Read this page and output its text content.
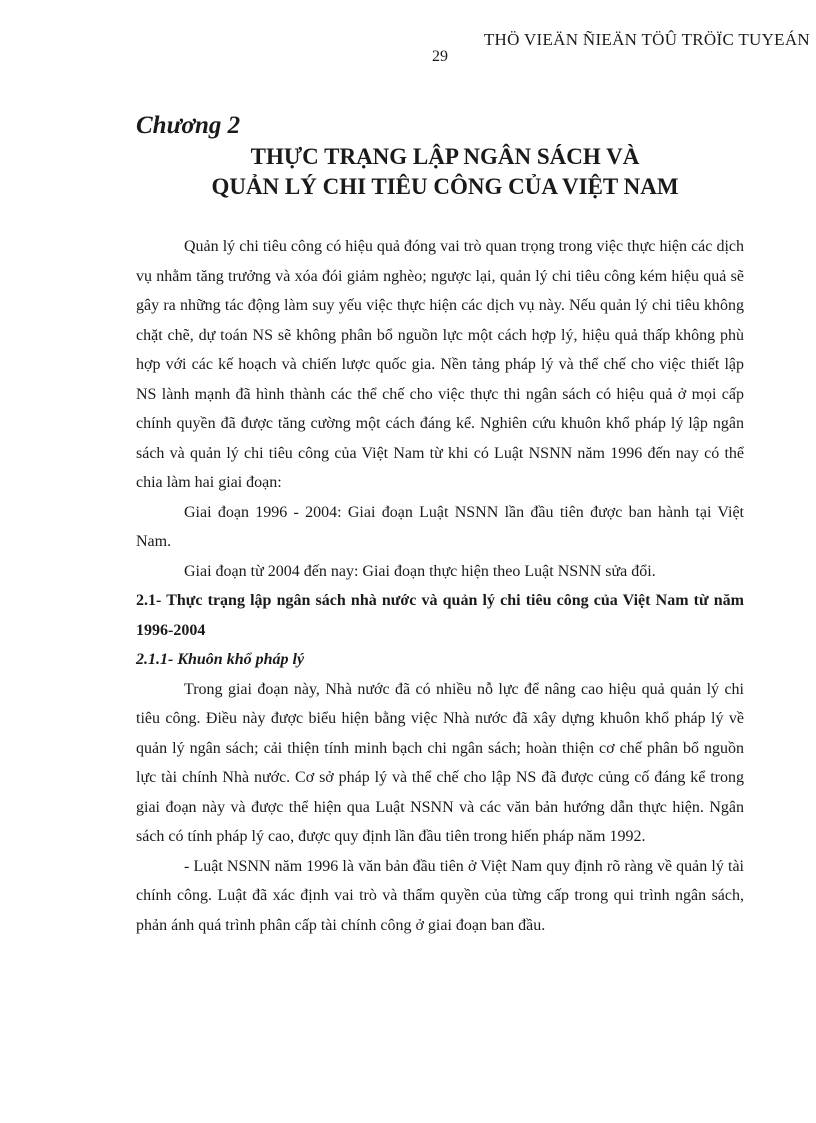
THÖ VIEÄN ÑIEÄN TÖÛ TRÖÏC TUYEÁN
29
Chương 2
THỰC TRẠNG LẬP NGÂN SÁCH VÀ
QUẢN LÝ CHI TIÊU CÔNG CỦA VIỆT NAM

Quản lý chi tiêu công có hiệu quả đóng vai trò quan trọng trong việc thực hiện các dịch vụ nhằm tăng trưởng và xóa đói giảm nghèo; ngược lại, quản lý chi tiêu công kém hiệu quả sẽ gây ra những tác động làm suy yếu việc thực hiện các dịch vụ này. Nếu quản lý chi tiêu không chặt chẽ, dự toán NS sẽ không phân bổ nguồn lực một cách hợp lý, hiệu quả thấp không phù hợp với các kế hoạch và chiến lược quốc gia. Nền tảng pháp lý và thể chế cho việc thiết lập NS lành mạnh đã hình thành các thể chế cho việc thực thi ngân sách có hiệu quả ở mọi cấp chính quyền đã được tăng cường một cách đáng kể. Nghiên cứu khuôn khổ pháp lý lập ngân sách và quản lý chi tiêu công của Việt Nam từ khi có Luật NSNN năm 1996 đến nay có thể chia làm hai giai đoạn:

Giai đoạn 1996 - 2004: Giai đoạn Luật NSNN lần đầu tiên được ban hành tại Việt Nam.

Giai đoạn từ 2004 đến nay: Giai đoạn thực hiện theo Luật NSNN sửa đổi.

2.1- Thực trạng lập ngân sách nhà nước và quản lý chi tiêu công của Việt Nam từ năm 1996-2004

2.1.1- Khuôn khổ pháp lý

Trong giai đoạn này, Nhà nước đã có nhiều nỗ lực để nâng cao hiệu quả quản lý chi tiêu công. Điều này được biểu hiện bằng việc Nhà nước đã xây dựng khuôn khổ pháp lý về quản lý ngân sách; cải thiện tính minh bạch chi ngân sách; hoàn thiện cơ chế phân bổ nguồn lực tài chính Nhà nước. Cơ sở pháp lý và thể chế cho lập NS đã được củng cố đáng kể trong giai đoạn này và được thể hiện qua Luật NSNN và các văn bản hướng dẫn thực hiện. Ngân sách có tính pháp lý cao, được quy định lần đầu tiên trong hiến pháp năm 1992.

- Luật NSNN năm 1996 là văn bản đầu tiên ở Việt Nam quy định rõ ràng về quản lý tài chính công. Luật đã xác định vai trò và thẩm quyền của từng cấp trong qui trình ngân sách, phản ánh quá trình phân cấp tài chính công ở giai đoạn ban đầu.
